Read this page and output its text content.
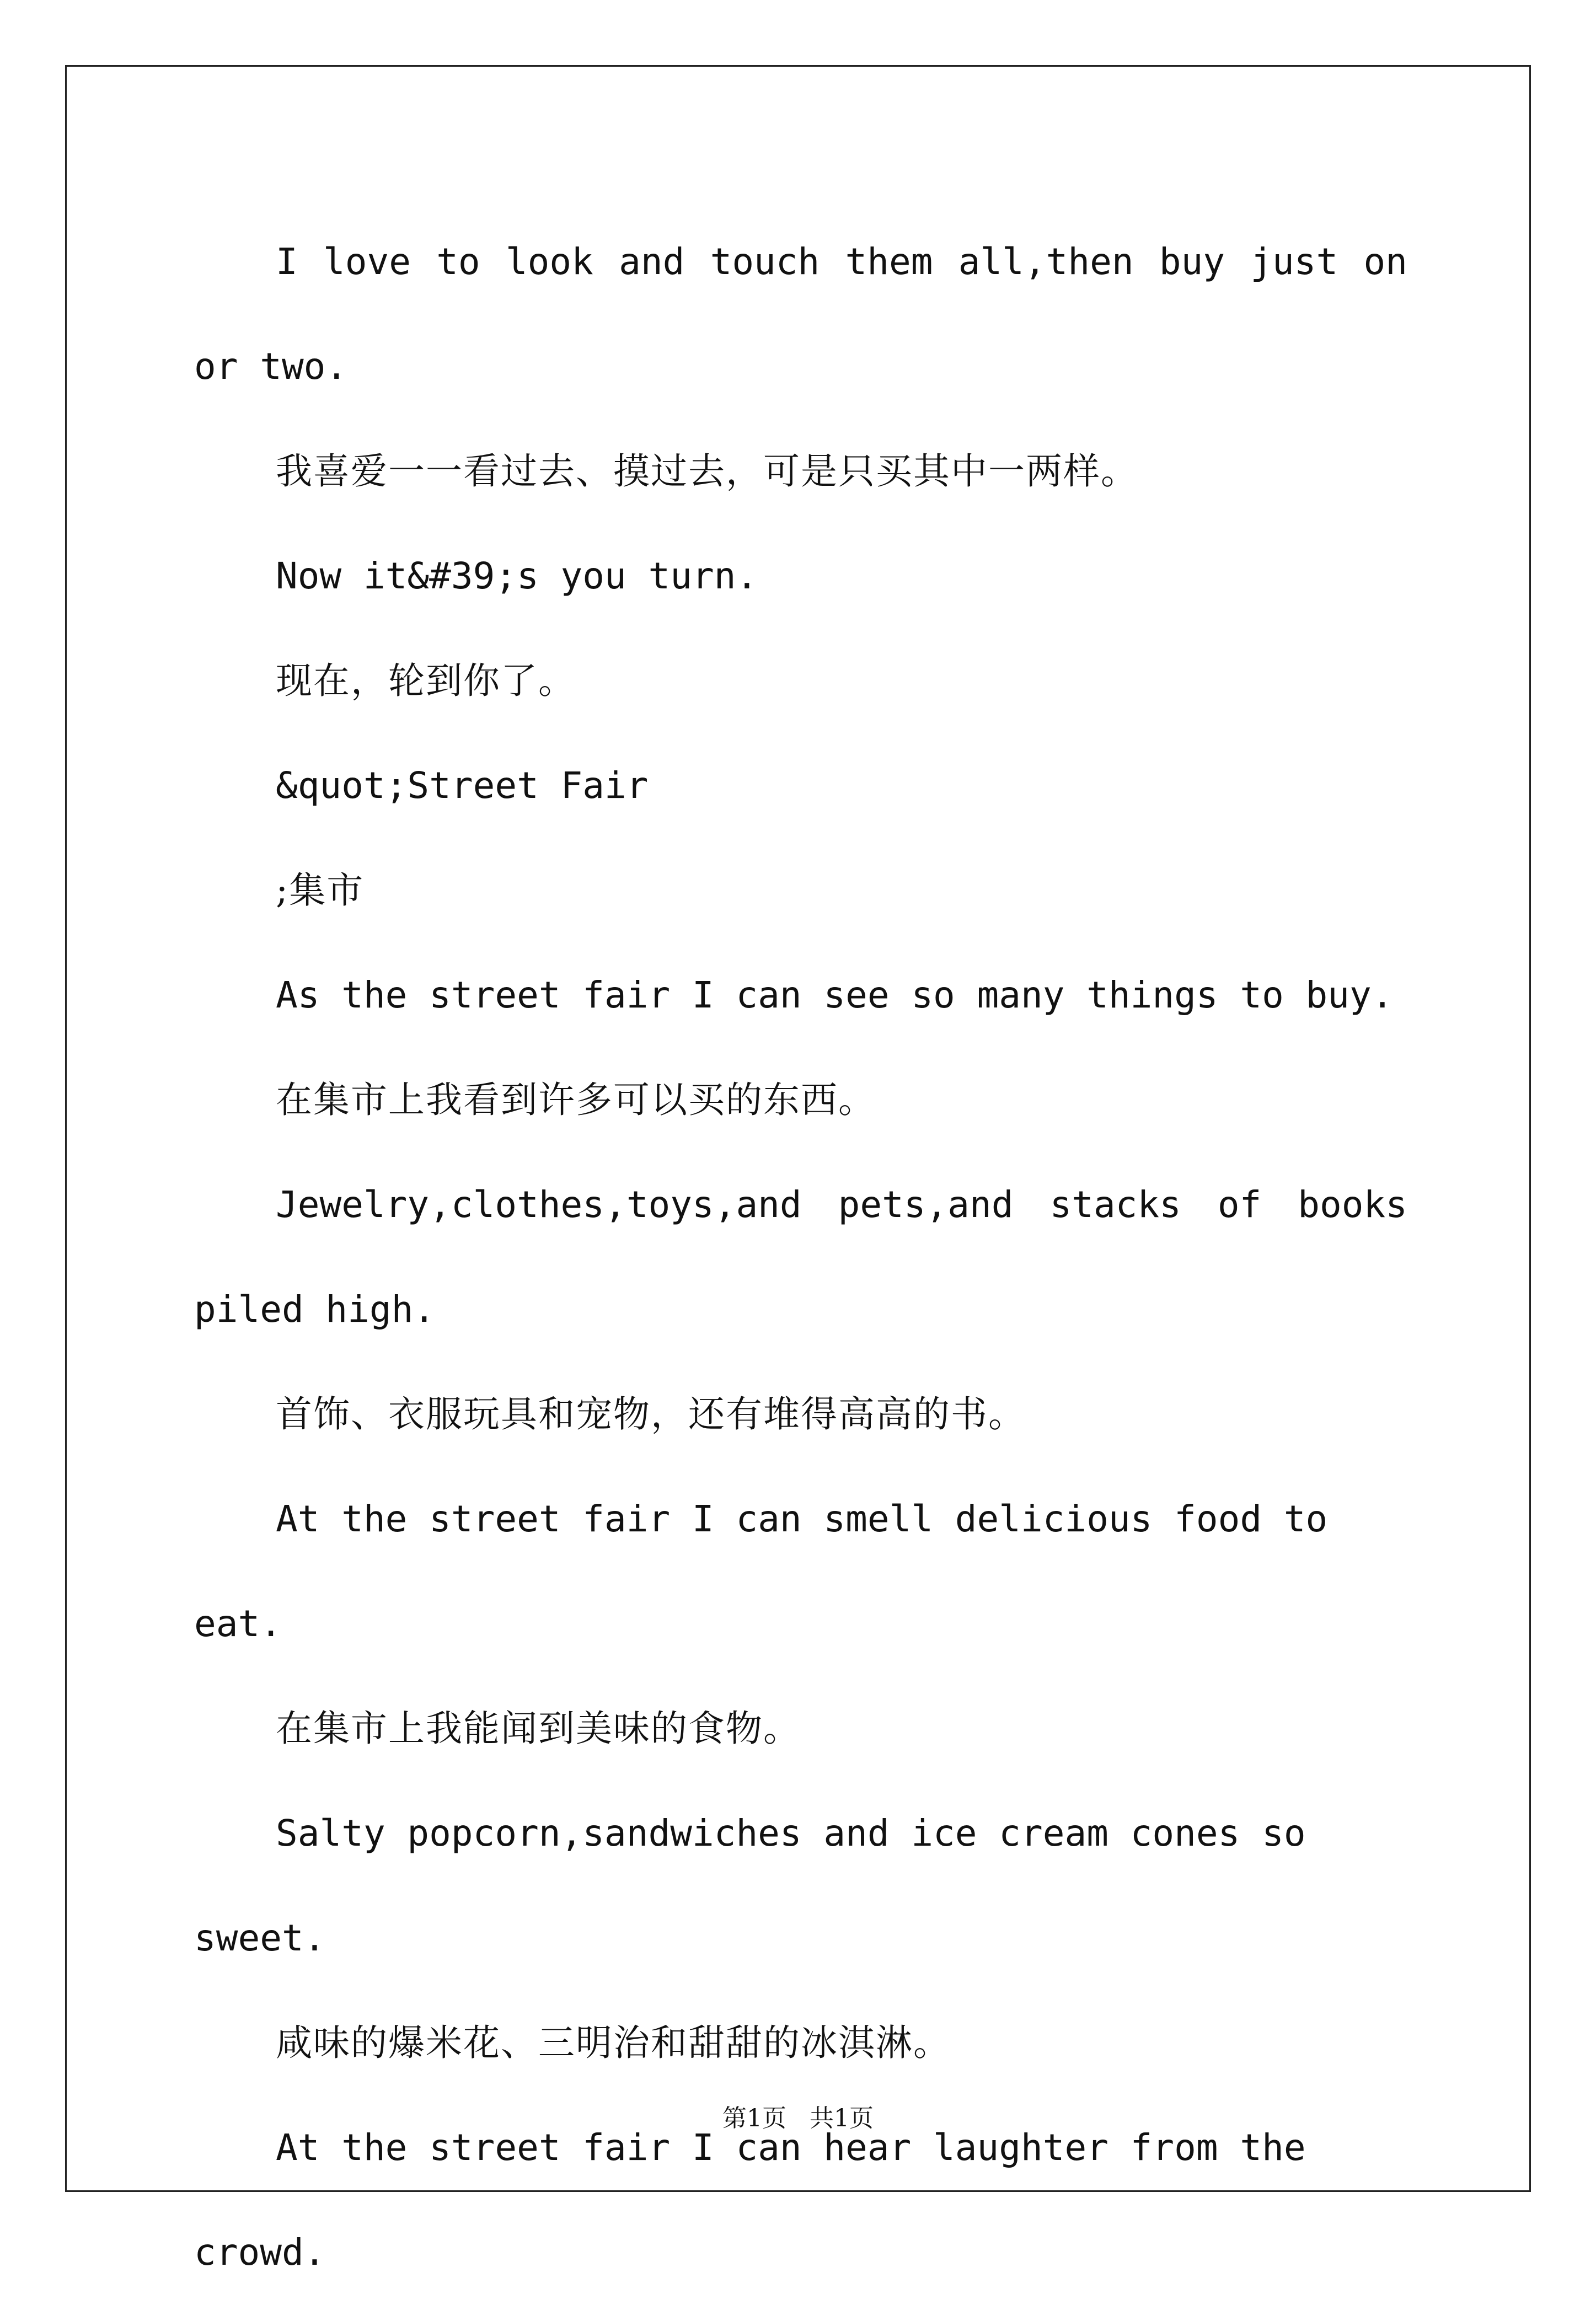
I love to look and touch them all,then buy just on or two.

我喜爱一一看过去、摸过去，可是只买其中一两样。

Now it&#39;s you turn.

现在，轮到你了。

&quot;Street Fair

;集市

As the street fair I can see so many things to buy.

在集市上我看到许多可以买的东西。

Jewelry,clothes,toys,and pets,and stacks of books piled high.

首饰、衣服玩具和宠物，还有堆得高高的书。

At the street fair I can smell delicious food to eat.

在集市上我能闻到美味的食物。

Salty popcorn,sandwiches and ice cream cones so sweet.

咸味的爆米花、三明治和甜甜的冰淇淋。

At the street fair I can hear laughter from the crowd.

第1页 共1页
